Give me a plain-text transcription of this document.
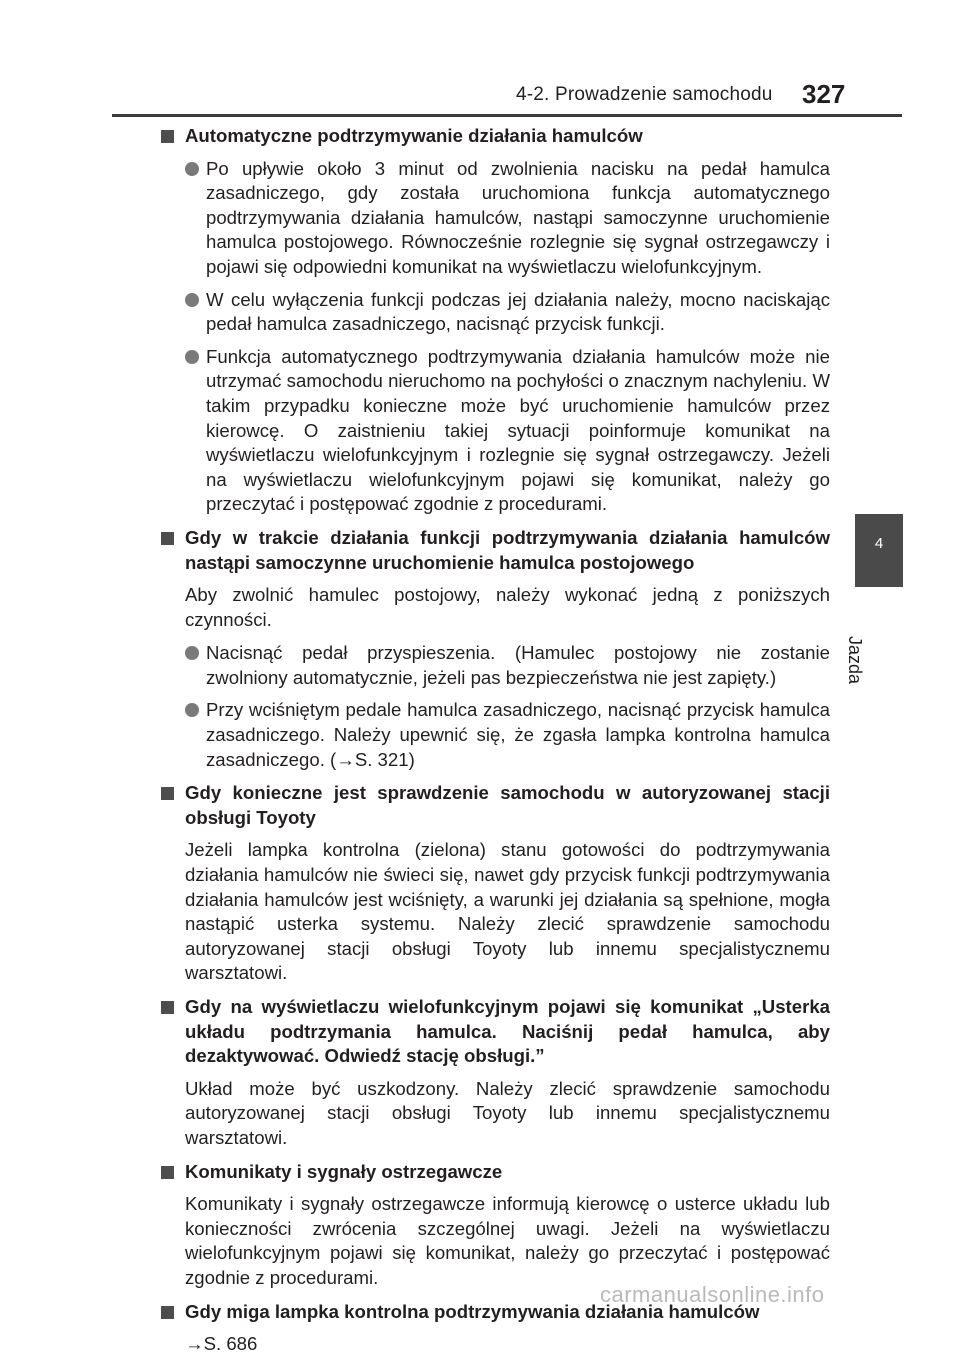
4-2. Prowadzenie samochodu 327
4
Jazda
Automatyczne podtrzymywanie działania hamulców
Po upływie około 3 minut od zwolnienia nacisku na pedał hamulca zasadniczego, gdy została uruchomiona funkcja automatycznego podtrzymywania działania hamulców, nastąpi samoczynne uruchomienie hamulca postojowego. Równocześnie rozlegnie się sygnał ostrzegawczy i pojawi się odpowiedni komunikat na wyświetlaczu wielofunkcyjnym.
W celu wyłączenia funkcji podczas jej działania należy, mocno naciskając pedał hamulca zasadniczego, nacisnąć przycisk funkcji.
Funkcja automatycznego podtrzymywania działania hamulców może nie utrzymać samochodu nieruchomo na pochyłości o znacznym nachyleniu. W takim przypadku konieczne może być uruchomienie hamulców przez kierowcę. O zaistnieniu takiej sytuacji poinformuje komunikat na wyświetlaczu wielofunkcyjnym i rozlegnie się sygnał ostrzegawczy. Jeżeli na wyświetlaczu wielofunkcyjnym pojawi się komunikat, należy go przeczytać i postępować zgodnie z procedurami.
Gdy w trakcie działania funkcji podtrzymywania działania hamulców nastąpi samoczynne uruchomienie hamulca postojowego
Aby zwolnić hamulec postojowy, należy wykonać jedną z poniższych czynności.
Nacisnąć pedał przyspieszenia. (Hamulec postojowy nie zostanie zwolniony automatycznie, jeżeli pas bezpieczeństwa nie jest zapięty.)
Przy wciśniętym pedale hamulca zasadniczego, nacisnąć przycisk hamulca zasadniczego. Należy upewnić się, że zgasła lampka kontrolna hamulca zasadniczego. (→S. 321)
Gdy konieczne jest sprawdzenie samochodu w autoryzowanej stacji obsługi Toyoty
Jeżeli lampka kontrolna (zielona) stanu gotowości do podtrzymywania działania hamulców nie świeci się, nawet gdy przycisk funkcji podtrzymywania działania hamulców jest wciśnięty, a warunki jej działania są spełnione, mogła nastąpić usterka systemu. Należy zlecić sprawdzenie samochodu autoryzowanej stacji obsługi Toyoty lub innemu specjalistycznemu warsztatowi.
Gdy na wyświetlaczu wielofunkcyjnym pojawi się komunikat „Usterka układu podtrzymania hamulca. Naciśnij pedał hamulca, aby dezaktywować. Odwiedź stację obsługi.”
Układ może być uszkodzony. Należy zlecić sprawdzenie samochodu autoryzowanej stacji obsługi Toyoty lub innemu specjalistycznemu warsztatowi.
Komunikaty i sygnały ostrzegawcze
Komunikaty i sygnały ostrzegawcze informują kierowcę o usterce układu lub konieczności zwrócenia szczególnej uwagi. Jeżeli na wyświetlaczu wielofunkcyjnym pojawi się komunikat, należy go przeczytać i postępować zgodnie z procedurami.
Gdy miga lampka kontrolna podtrzymywania działania hamulców
→S. 686
carmanualsonline.info
